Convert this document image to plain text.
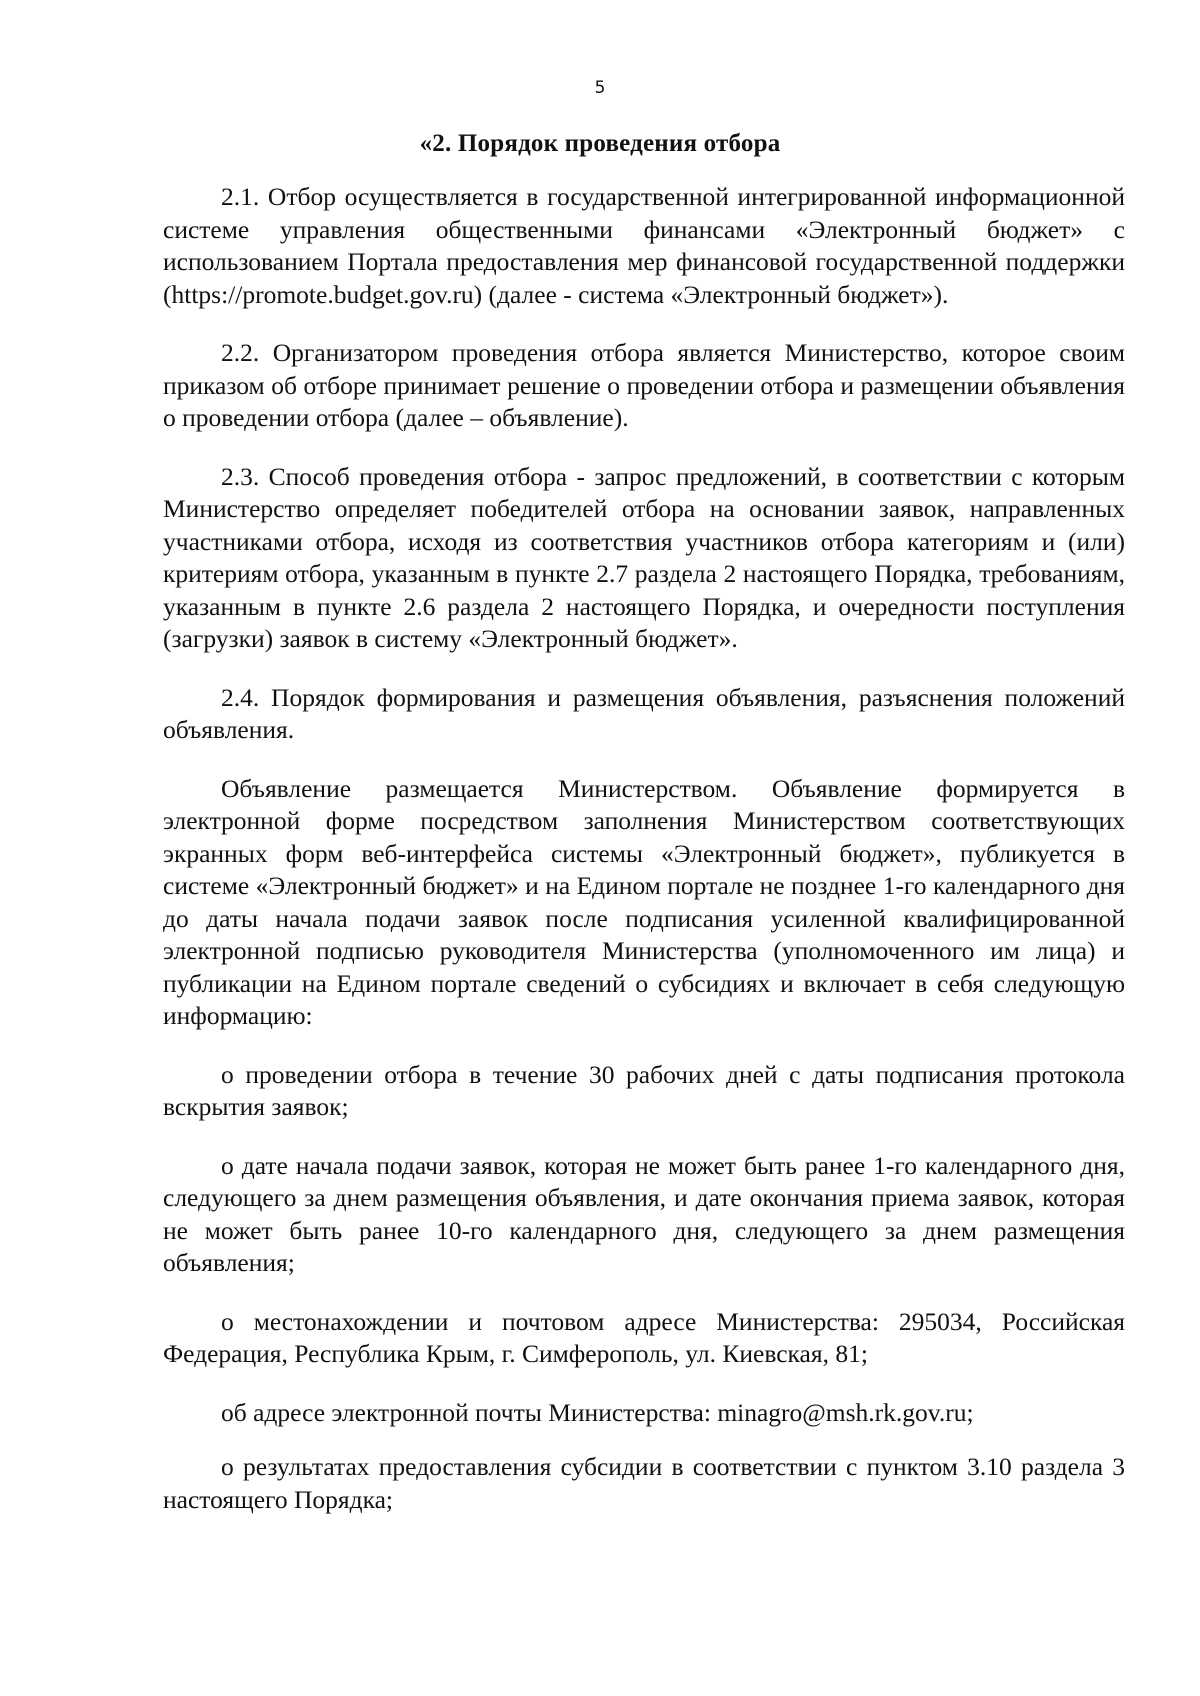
5
«2. Порядок проведения отбора

2.1. Отбор осуществляется в государственной интегрированной информационной системе управления общественными финансами «Электронный бюджет» с использованием Портала предоставления мер финансовой государственной поддержки (https://promote.budget.gov.ru) (далее - система «Электронный бюджет»).

2.2. Организатором проведения отбора является Министерство, которое своим приказом об отборе принимает решение о проведении отбора и размещении объявления о проведении отбора (далее – объявление).

2.3. Способ проведения отбора - запрос предложений, в соответствии с которым Министерство определяет победителей отбора на основании заявок, направленных участниками отбора, исходя из соответствия участников отбора категориям и (или) критериям отбора, указанным в пункте 2.7 раздела 2 настоящего Порядка, требованиям, указанным в пункте 2.6 раздела 2 настоящего Порядка, и очередности поступления (загрузки) заявок в систему «Электронный бюджет».

2.4. Порядок формирования и размещения объявления, разъяснения положений объявления.

Объявление размещается Министерством. Объявление формируется в электронной форме посредством заполнения Министерством соответствующих экранных форм веб-интерфейса системы «Электронный бюджет», публикуется в системе «Электронный бюджет» и на Едином портале не позднее 1-го календарного дня до даты начала подачи заявок после подписания усиленной квалифицированной электронной подписью руководителя Министерства (уполномоченного им лица) и публикации на Едином портале сведений о субсидиях и включает в себя следующую информацию:

о проведении отбора в течение 30 рабочих дней с даты подписания протокола вскрытия заявок;

о дате начала подачи заявок, которая не может быть ранее 1-го календарного дня, следующего за днем размещения объявления, и дате окончания приема заявок, которая не может быть ранее 10-го календарного дня, следующего за днем размещения объявления;

о местонахождении и почтовом адресе Министерства: 295034, Российская Федерация, Республика Крым, г. Симферополь, ул. Киевская, 81;

об адресе электронной почты Министерства: minagro@msh.rk.gov.ru;

о результатах предоставления субсидии в соответствии с пунктом 3.10 раздела 3 настоящего Порядка;
